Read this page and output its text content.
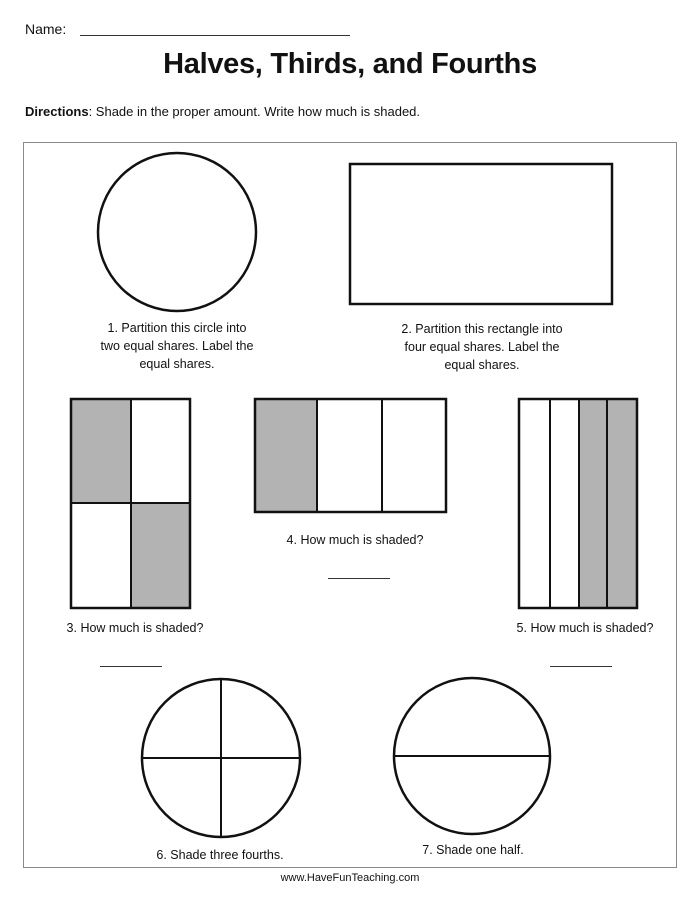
Name:
Halves, Thirds, and Fourths
Directions: Shade in the proper amount. Write how much is shaded.
1. Partition this circle into
two equal shares. Label the
equal shares.
2. Partition this rectangle into
four equal shares. Label the
equal shares.
3. How much is shaded?
4. How much is shaded?
5. How much is shaded?
6. Shade three fourths.	7. Shade one half.
www.HaveFunTeaching.com
